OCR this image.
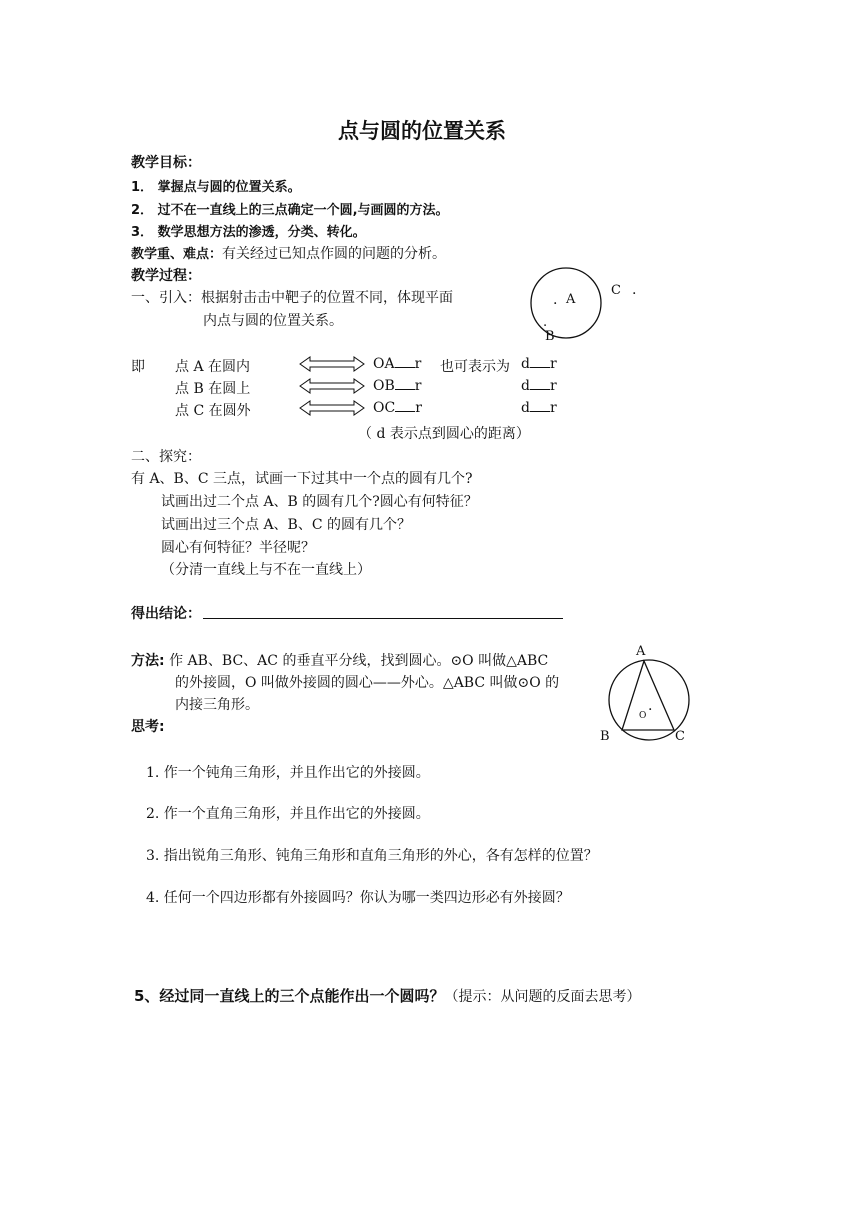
点与圆的位置关系
教学目标：
1． 掌握点与圆的位置关系。
2． 过不在一直线上的三点确定一个圆,与画圆的方法。
3． 数学思想方法的渗透，分类、转化。
教学重、难点：有关经过已知点作圆的问题的分析。
教学过程：
一、引入：根据射击击中靶子的位置不同，体现平面
内点与圆的位置关系。
. A
.
B
C .
A
B	C
O
.
即 点 A 在圆内	OA r 也可表示为 d r
点 B 在圆上	OB r	d r
点 C 在圆外	OC r	d r
（ d 表示点到圆心的距离）
二、探究：
有 A、B、C 三点，试画一下过其中一个点的圆有几个?
试画出过二个点 A、B 的圆有几个?圆心有何特征？
试画出过三个点 A、B、C 的圆有几个？
圆心有何特征？半径呢？
（分清一直线上与不在一直线上）
得出结论：
方法: 作 AB、BC、AC 的垂直平分线，找到圆心。⊙O 叫做△ABC
的外接圆，O 叫做外接圆的圆心——外心。△ABC 叫做⊙O 的
内接三角形。
思考:
1. 作一个钝角三角形，并且作出它的外接圆。
2. 作一个直角三角形，并且作出它的外接圆。
3. 指出锐角三角形、钝角三角形和直角三角形的外心，各有怎样的位置？
4. 任何一个四边形都有外接圆吗？你认为哪一类四边形必有外接圆？
5、经过同一直线上的三个点能作出一个圆吗？（提示：从问题的反面去思考）
